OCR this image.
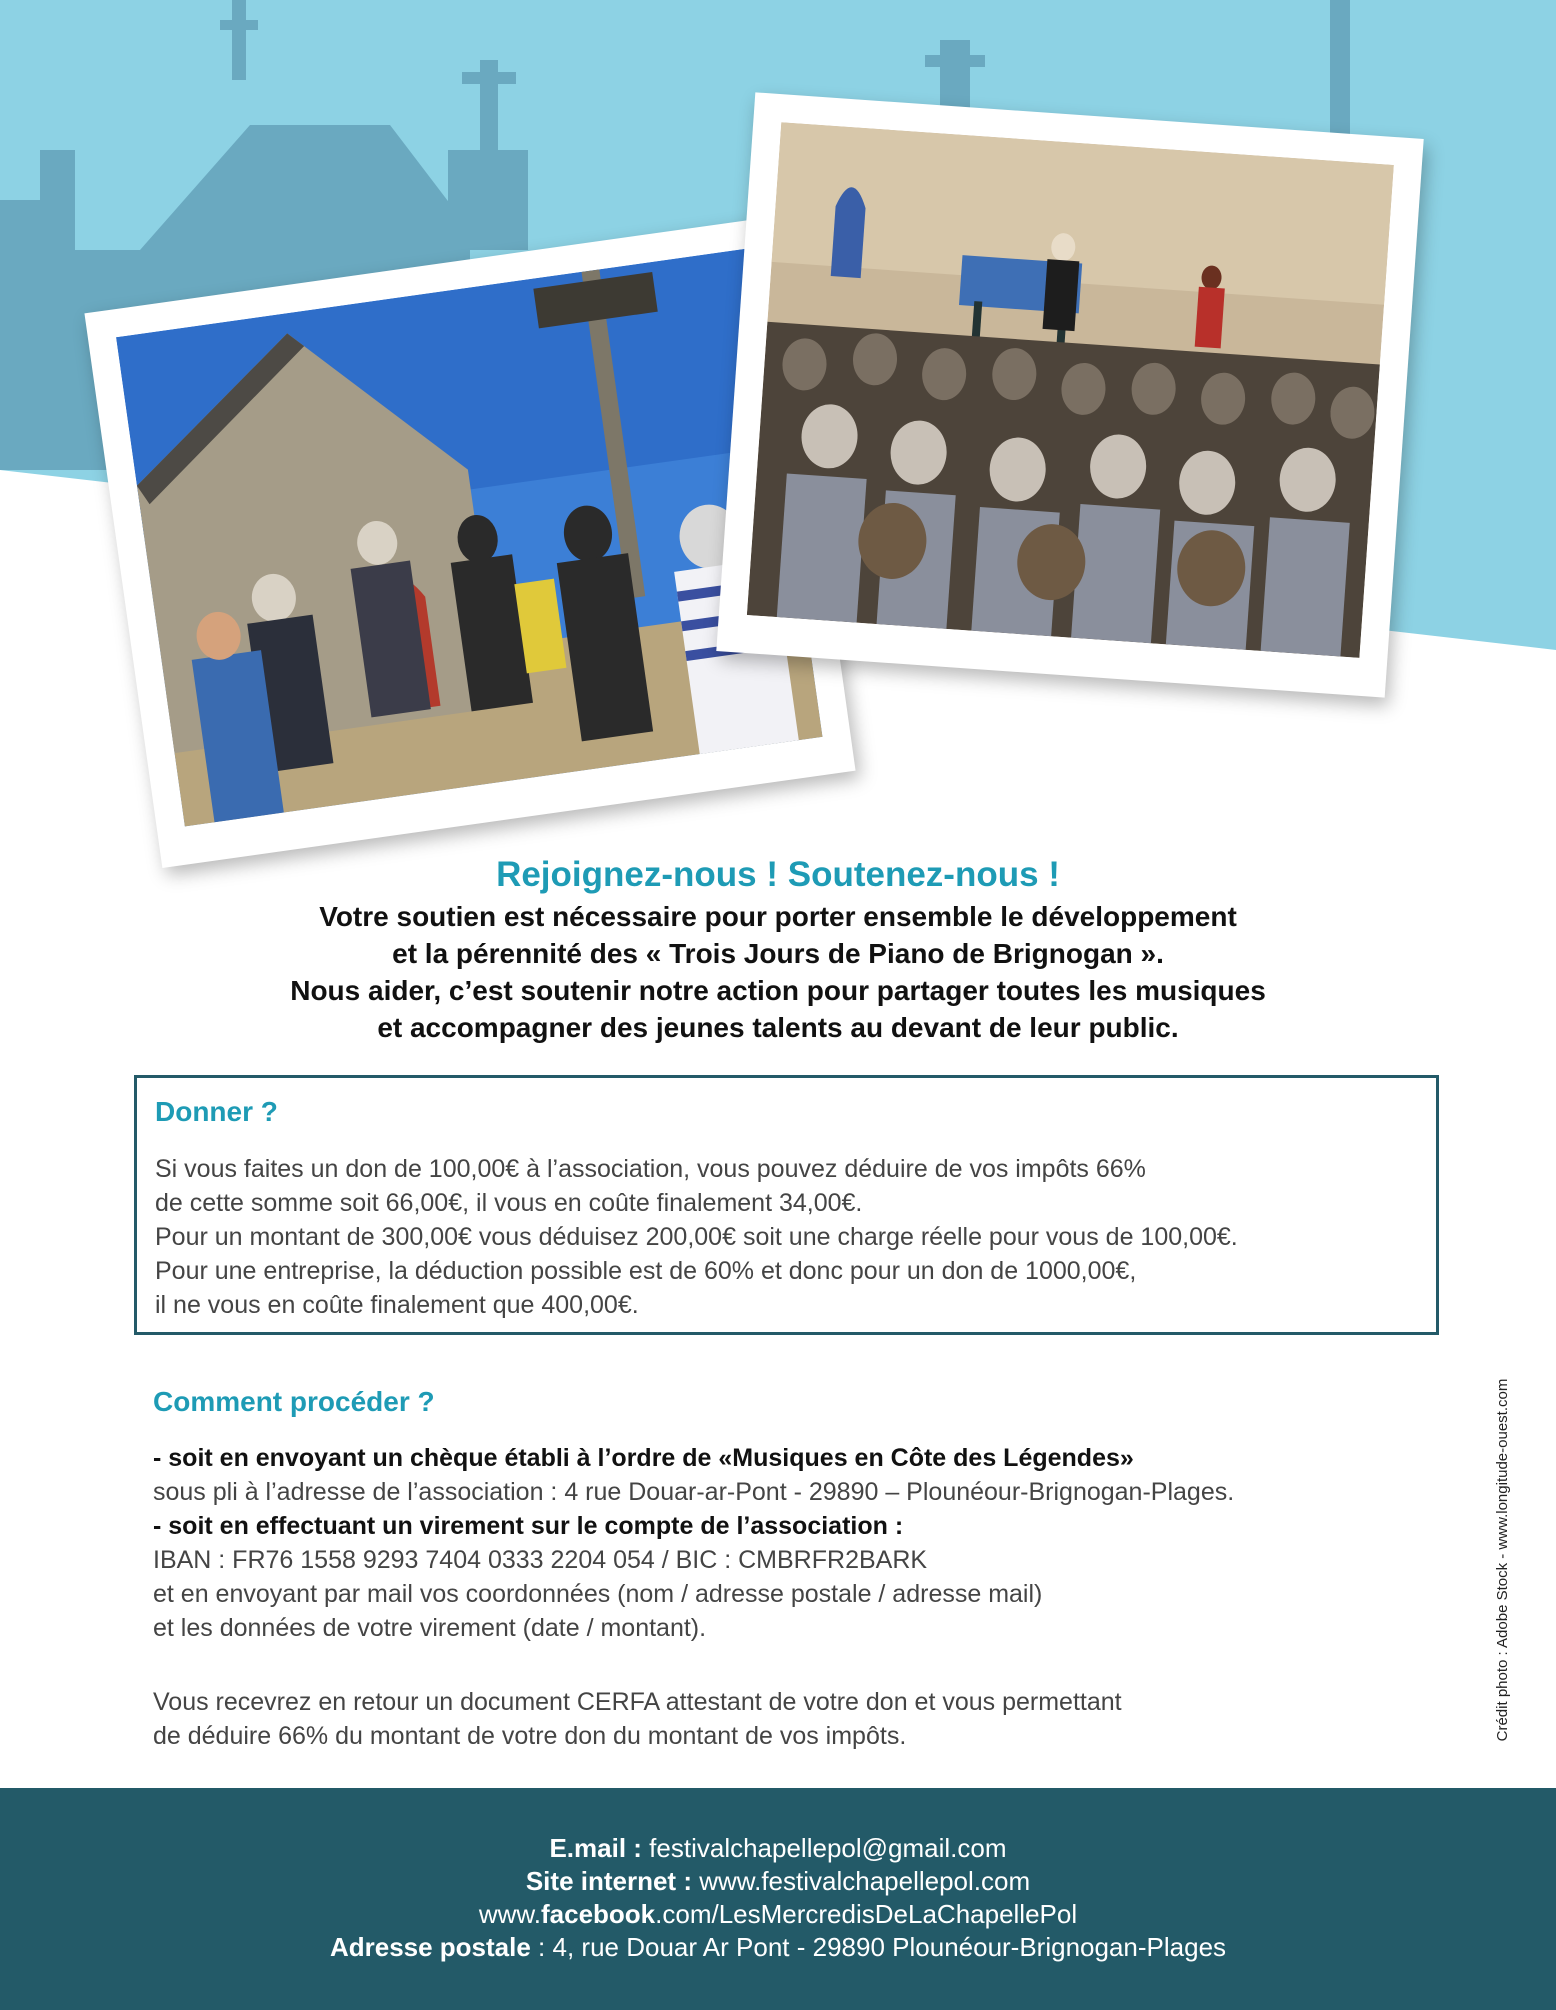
Rejoignez-nous ! Soutenez-nous !
Votre soutien est nécessaire pour porter ensemble le développement
et la pérennité des « Trois Jours de Piano de Brignogan ».
Nous aider, c’est soutenir notre action pour partager toutes les musiques
et accompagner des jeunes talents au devant de leur public.
Donner ?
Si vous faites un don de 100,00€ à l’association, vous pouvez déduire de vos impôts 66%
de cette somme soit 66,00€, il vous en coûte finalement 34,00€.
Pour un montant de 300,00€ vous déduisez 200,00€ soit une charge réelle pour vous de 100,00€.
Pour une entreprise, la déduction possible est de 60% et donc pour un don de 1000,00€,
il ne vous en coûte finalement que 400,00€.
Comment procéder ?
- soit en envoyant un chèque établi à l’ordre de «Musiques en Côte des Légendes»
sous pli à l’adresse de l’association : 4 rue Douar-ar-Pont - 29890 – Plounéour-Brignogan-Plages.
- soit en effectuant un virement sur le compte de l’association :
IBAN : FR76 1558 9293 7404 0333 2204 054 / BIC : CMBRFR2BARK
et en envoyant par mail vos coordonnées (nom / adresse postale / adresse mail)
et les données de votre virement (date / montant).
Vous recevrez en retour un document CERFA attestant de votre don et vous permettant
de déduire 66% du montant de votre don du montant de vos impôts.	Crédit photo : Adobe Stock - www.longitude-ouest.com
E.mail : festivalchapellepol@gmail.com
Site internet : www.festivalchapellepol.com
www.facebook.com/LesMercredisDeLaChapellePol
Adresse postale : 4, rue Douar Ar Pont - 29890 Plounéour-Brignogan-Plages
